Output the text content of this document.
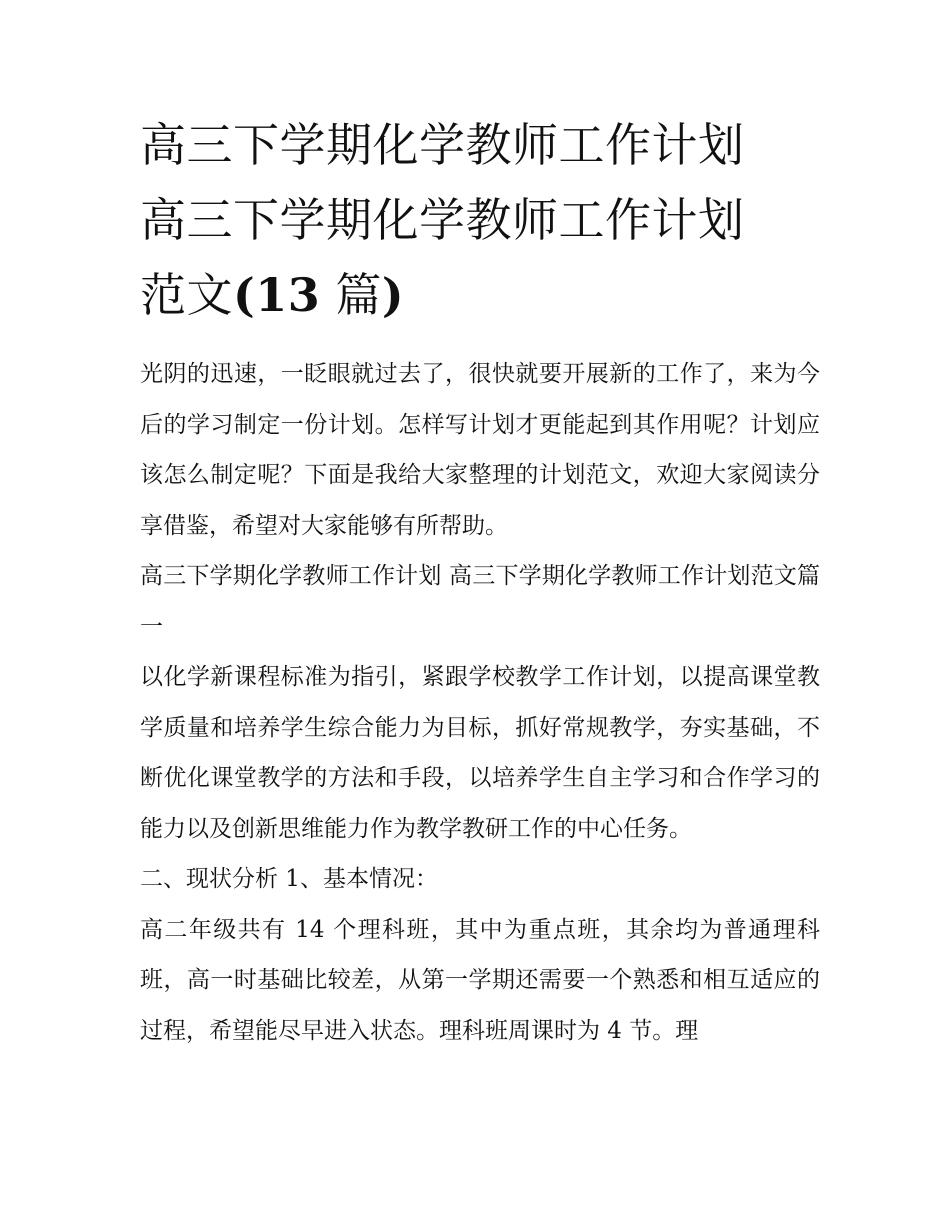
高三下学期化学教师工作计划
高三下学期化学教师工作计划
范文(13 篇)

光阴的迅速，一眨眼就过去了，很快就要开展新的工作了，来为今后的学习制定一份计划。怎样写计划才更能起到其作用呢？计划应该怎么制定呢？下面是我给大家整理的计划范文，欢迎大家阅读分享借鉴，希望对大家能够有所帮助。

高三下学期化学教师工作计划 高三下学期化学教师工作计划范文篇一

以化学新课程标准为指引，紧跟学校教学工作计划，以提高课堂教学质量和培养学生综合能力为目标，抓好常规教学，夯实基础，不断优化课堂教学的方法和手段，以培养学生自主学习和合作学习的能力以及创新思维能力作为教学教研工作的中心任务。

二、现状分析 1、基本情况：

高二年级共有 14 个理科班，其中为重点班，其余均为普通理科班，高一时基础比较差，从第一学期还需要一个熟悉和相互适应的过程，希望能尽早进入状态。理科班周课时为 4 节。理
